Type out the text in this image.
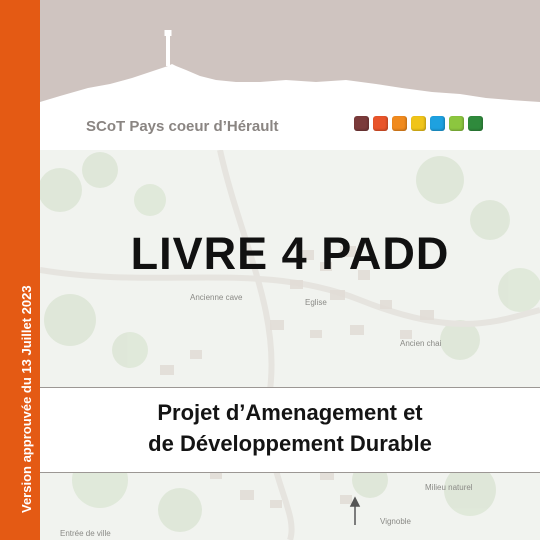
Version approuvée du 13 Juillet 2023
SCoT Pays coeur d’Hérault
Ancien chai
Milieu naturel
Vignoble
Entrée de ville
Ancienne cave
Eglise
LIVRE 4 PADD
Projet d’Amenagement et
de Développement Durable
